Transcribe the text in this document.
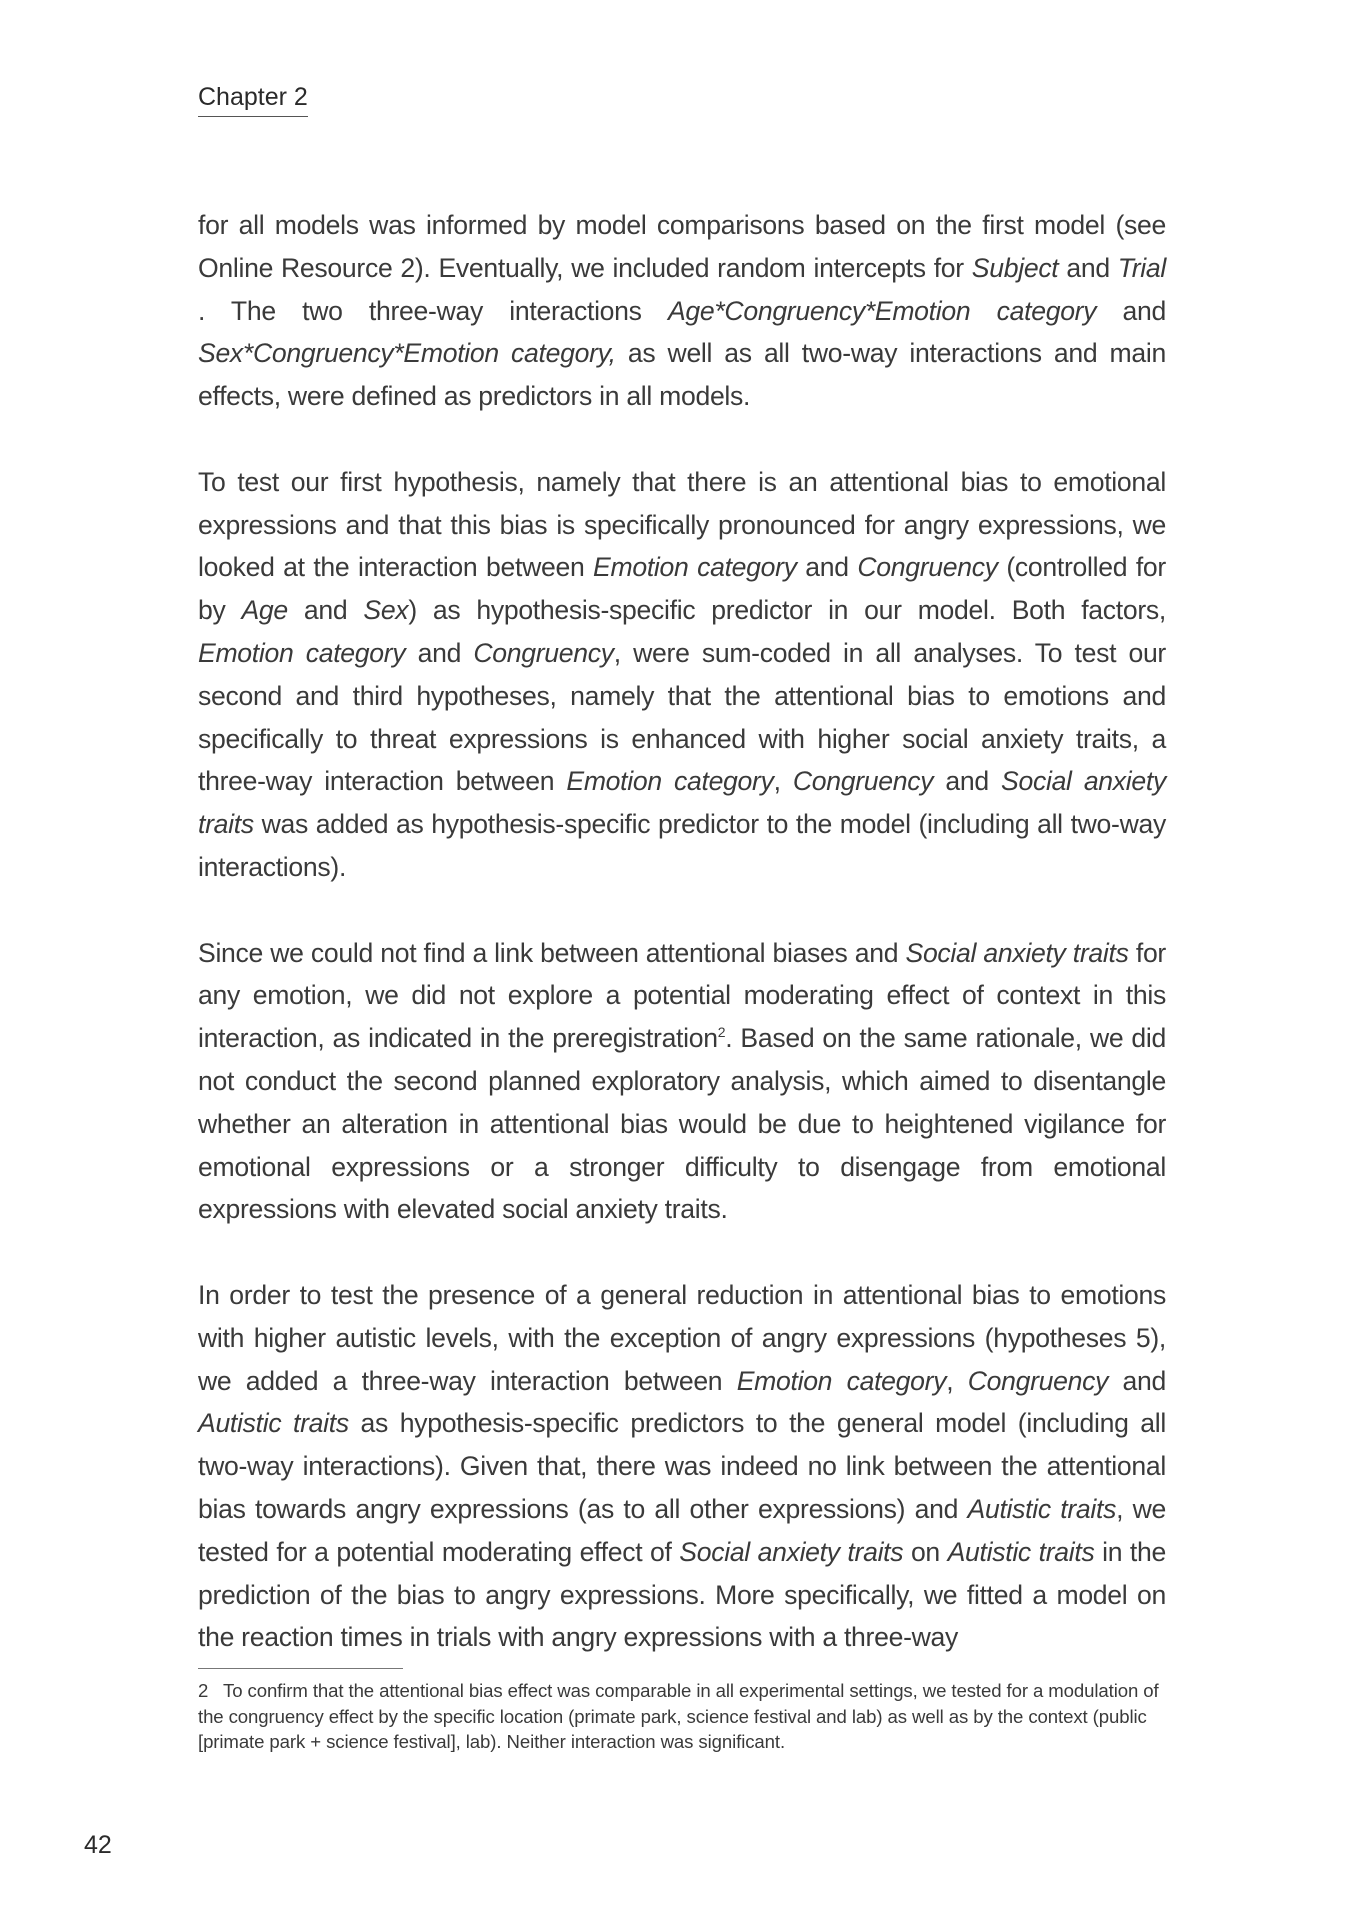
Chapter 2

for all models was informed by model comparisons based on the first model (see Online Resource 2). Eventually, we included random intercepts for Subject and Trial . The two three-way interactions Age*Congruency*Emotion category and Sex*Congruency*Emotion category, as well as all two-way interactions and main effects, were defined as predictors in all models.

To test our first hypothesis, namely that there is an attentional bias to emotional expressions and that this bias is specifically pronounced for angry expressions, we looked at the interaction between Emotion category and Congruency (controlled for by Age and Sex) as hypothesis-specific predictor in our model. Both factors, Emotion category and Congruency, were sum-coded in all analyses. To test our second and third hypotheses, namely that the attentional bias to emotions and specifically to threat expressions is enhanced with higher social anxiety traits, a three-way interaction between Emotion category, Congruency and Social anxiety traits was added as hypothesis-specific predictor to the model (including all two-way interactions).

Since we could not find a link between attentional biases and Social anxiety traits for any emotion, we did not explore a potential moderating effect of context in this interaction, as indicated in the preregistration$^2$. Based on the same rationale, we did not conduct the second planned exploratory analysis, which aimed to disentangle whether an alteration in attentional bias would be due to heightened vigilance for emotional expressions or a stronger difficulty to disengage from emotional expressions with elevated social anxiety traits.

In order to test the presence of a general reduction in attentional bias to emotions with higher autistic levels, with the exception of angry expressions (hypotheses 5), we added a three-way interaction between Emotion category, Congruency and Autistic traits as hypothesis-specific predictors to the general model (including all two-way interactions). Given that, there was indeed no link between the attentional bias towards angry expressions (as to all other expressions) and Autistic traits, we tested for a potential moderating effect of Social anxiety traits on Autistic traits in the prediction of the bias to angry expressions. More specifically, we fitted a model on the reaction times in trials with angry expressions with a three-way

2 To confirm that the attentional bias effect was comparable in all experimental settings, we tested for a modulation of the congruency effect by the specific location (primate park, science festival and lab) as well as by the context (public [primate park + science festival], lab). Neither interaction was significant.
42
